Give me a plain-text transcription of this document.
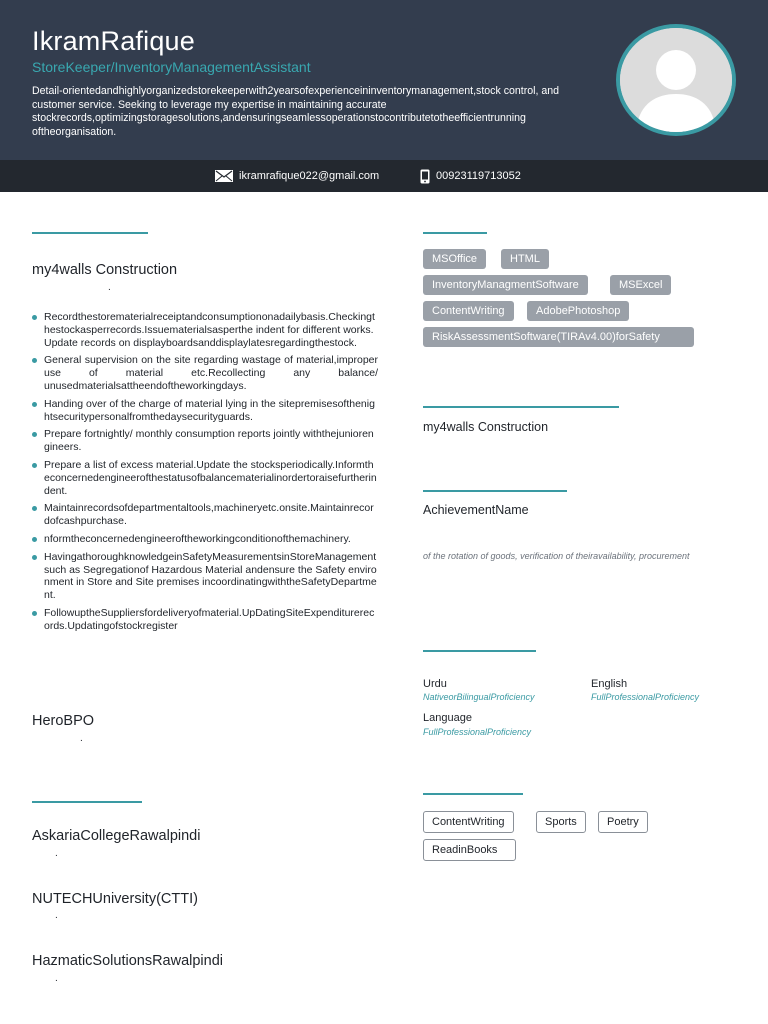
IkramRafique
StoreKeeper/InventoryManagementAssistant
Detail-orientedandhighlyorganizedstorekeeperwith2yearsofexperienceininventorymanagement,stock control, and customer service. Seeking to leverage my expertise in maintaining accurate stockrecords,optimizingstoragesolutions,andensuringseamlessoperationstocontributetotheefficientrunning oftheorganisation.
ikramrafique022@gmail.com	00923119713052
my4walls Construction
.
Recordthestorematerialreceiptandconsumptiononadailybasis.Checkingthestockasperrecords.Issuematerialsasperthe indent for different works.Update records on displayboardsanddisplaylatesregardingthestock.
General supervision on the site regarding wastage of material,improper use of material etc.Recollecting any balance/ unusedmaterialsattheendoftheworkingdays.
Handing over of the charge of material lying in the sitepremisesofthenightsecuritypersonalfromthedaysecurityguards.
Prepare fortnightly/ monthly consumption reports jointly withthejuniorengineers.
Prepare a list of excess material.Update the stocksperiodically.Informtheconcernedengineerofthestatusofbalancematerialinordertoraisefurtherindent.
Maintainrecordsofdepartmentaltools,machineryetc.onsite.Maintainrecordofcashpurchase.
nformtheconcernedengineeroftheworkingconditionofthemachinery.
HavingathoroughknowledgeinSafetyMeasurementsinStoreManagement such as Segregationof Hazardous Material andensure the Safety environment in Store and Site premises incoordinatingwiththeSafetyDepartment.
FollowuptheSuppliersfordeliveryofmaterial.UpDatingSiteExpenditurerecords.Updatingofstockregister
HeroBPO
.
AskariaCollegeRawalpindi
.
NUTECHUniversity(CTTI)
.
HazmaticSolutionsRawalpindi
.
MSOffice	HTML
InventoryManagmentSoftware	MSExcel
ContentWriting	AdobePhotoshop
RiskAssessmentSoftware(TIRAv4.00)forSafety
my4walls Construction
AchievementName
of the rotation of goods, verification of theiravailability, procurement
Urdu
NativeorBilingualProficiency
English
FullProfessionalProficiency
Language
FullProfessionalProficiency
ContentWriting	Sports	Poetry
ReadinBooks
